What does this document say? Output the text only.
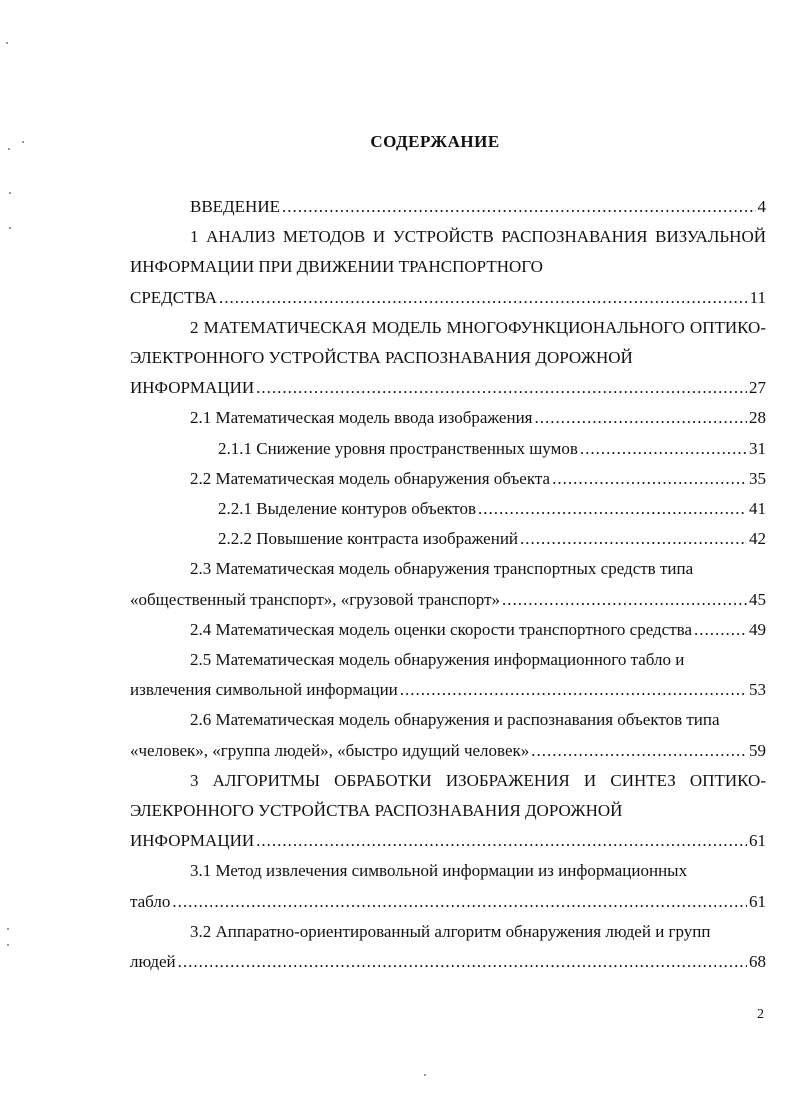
СОДЕРЖАНИЕ
ВВЕДЕНИЕ .....	4
1 АНАЛИЗ МЕТОДОВ И УСТРОЙСТВ РАСПОЗНАВАНИЯ ВИЗУАЛЬНОЙ ИНФОРМАЦИИ ПРИ ДВИЖЕНИИ ТРАНСПОРТНОГО
СРЕДСТВА .....	11
2 МАТЕМАТИЧЕСКАЯ МОДЕЛЬ МНОГОФУНКЦИОНАЛЬНОГО ОПТИКО-ЭЛЕКТРОННОГО УСТРОЙСТВА РАСПОЗНАВАНИЯ ДОРОЖНОЙ
ИНФОРМАЦИИ .....	27
2.1 Математическая модель ввода изображения .....	28
2.1.1 Снижение уровня пространственных шумов .....	31
2.2 Математическая модель обнаружения объекта .....	35
2.2.1 Выделение контуров объектов .....	41
2.2.2 Повышение контраста изображений .....	42
2.3 Математическая модель обнаружения транспортных средств типа
«общественный транспорт», «грузовой транспорт» .....	45
2.4 Математическая модель оценки скорости транспортного средства .....	49
2.5 Математическая модель обнаружения информационного табло и
извлечения символьной информации .....	53
2.6 Математическая модель обнаружения и распознавания объектов типа
«человек», «группа людей», «быстро идущий человек» .....	59
3 АЛГОРИТМЫ ОБРАБОТКИ ИЗОБРАЖЕНИЯ И СИНТЕЗ ОПТИКО-ЭЛЕКРОННОГО УСТРОЙСТВА РАСПОЗНАВАНИЯ ДОРОЖНОЙ
ИНФОРМАЦИИ .....	61
3.1 Метод извлечения символьной информации из информационных
табло .....	61
3.2 Аппаратно-ориентированный алгоритм обнаружения людей и групп
людей .....	68
2
